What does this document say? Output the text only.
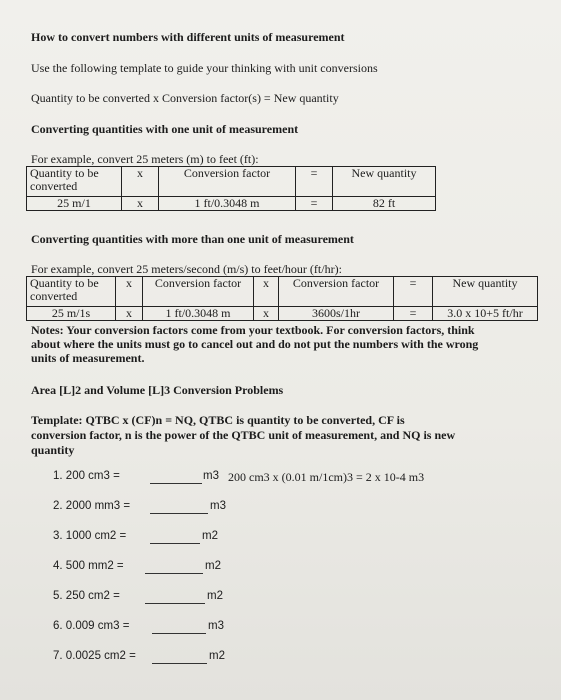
How to convert numbers with different units of measurement
Use the following template to guide your thinking with unit conversions
Quantity to be converted x Conversion factor(s) = New quantity
Converting quantities with one unit of measurement
For example, convert 25 meters (m) to feet (ft):
Quantity to be converted	x	Conversion factor	=	New quantity
25 m/1	x	1 ft/0.3048 m	=	82 ft
Converting quantities with more than one unit of measurement
For example, convert 25 meters/second (m/s) to feet/hour (ft/hr):
Quantity to be converted	x	Conversion factor	x	Conversion factor	=	New quantity
25 m/1s	x	1 ft/0.3048 m	x	3600s/1hr	=	3.0 x 10+5 ft/hr
Notes: Your conversion factors come from your textbook. For conversion factors, think
about where the units must go to cancel out and do not put the numbers with the wrong
units of measurement.
Area [L]2 and Volume [L]3 Conversion Problems
Template: QTBC x (CF)n = NQ, QTBC is quantity to be converted, CF is
conversion factor, n is the power of the QTBC unit of measurement, and NQ is new
quantity
1. 200 cm3 =	m3 200 cm3 x (0.01 m/1cm)3 = 2 x 10-4 m3
2. 2000 mm3 =	m3
3. 1000 cm2 =	m2
4. 500 mm2 =	m2
5. 250 cm2 =	m2
6. 0.009 cm3 =	m3
7. 0.0025 cm2 =	m2
